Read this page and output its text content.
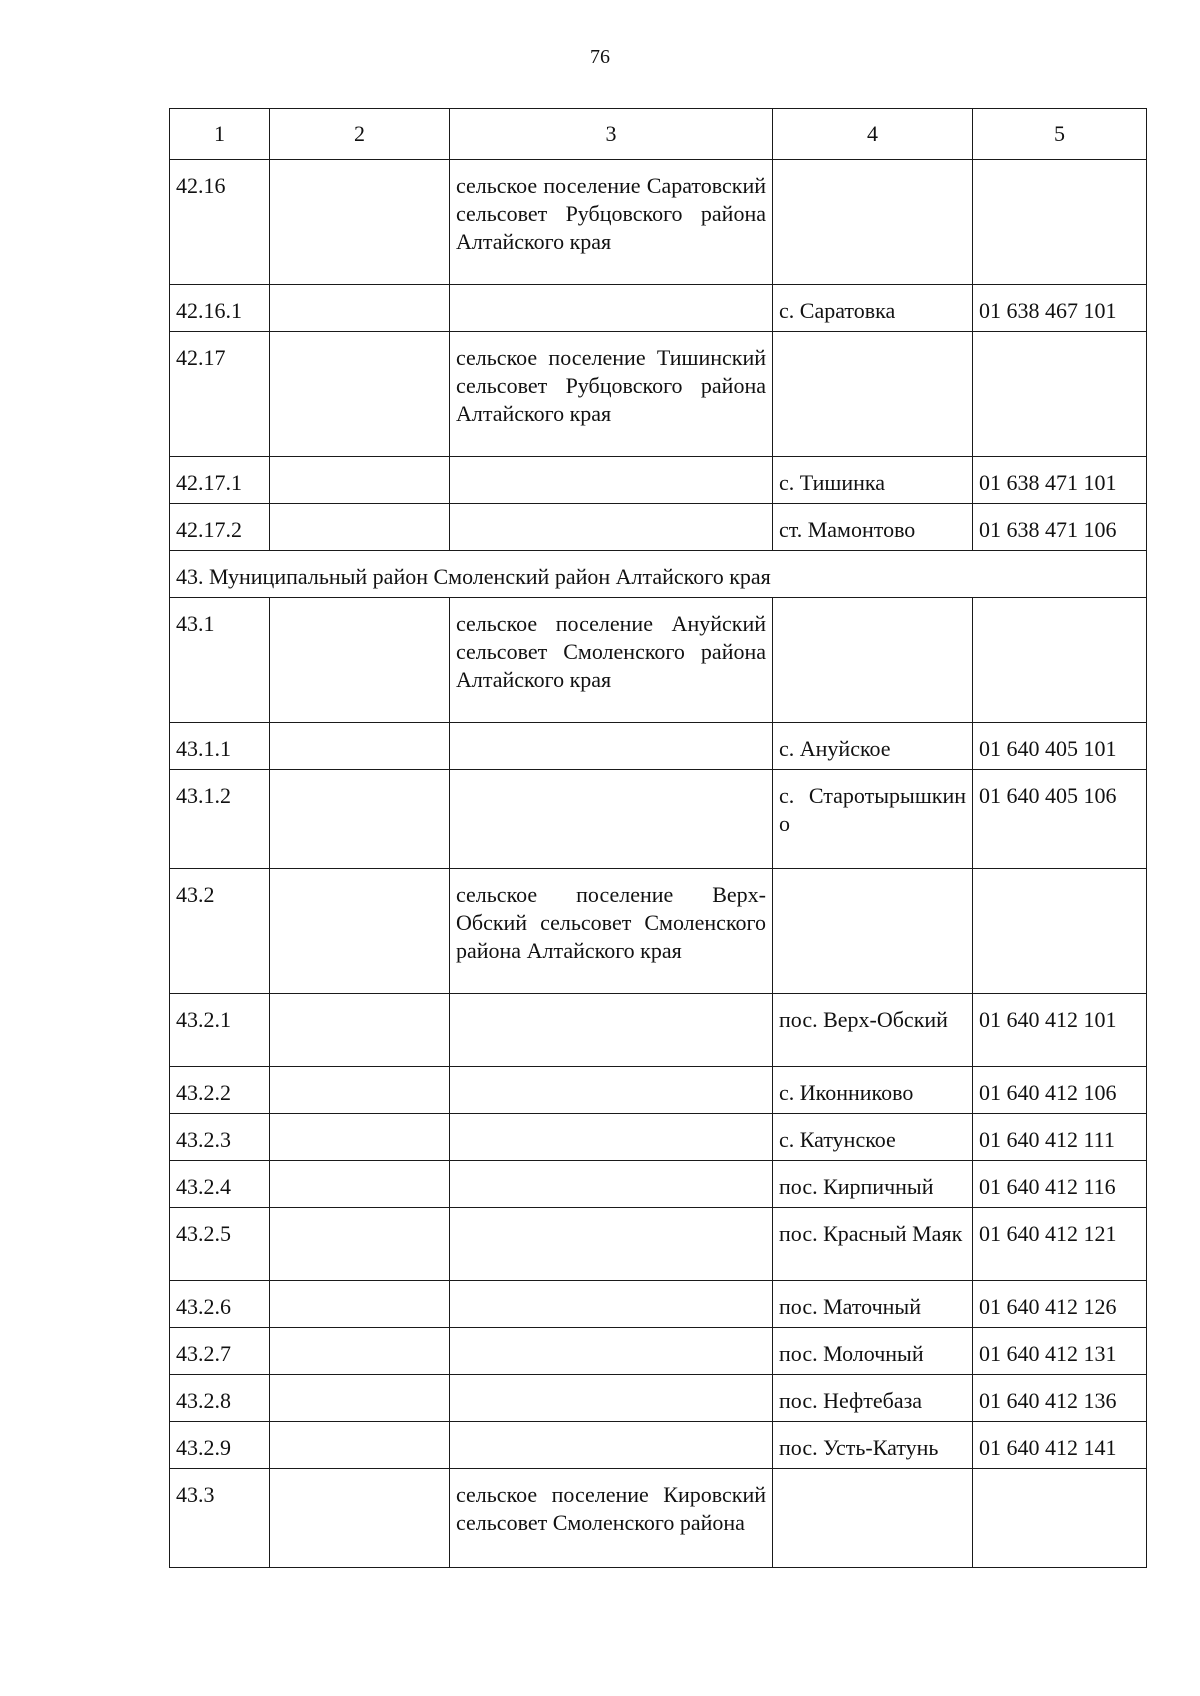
76
1	2	3	4	5
42.16		сельское поселение Саратовский сельсовет Рубцовского района Алтайского края		
42.16.1			с. Саратовка	01 638 467 101
42.17		сельское поселение Тишинский сельсовет Рубцовского района Алтайского края		
42.17.1			с. Тишинка	01 638 471 101
42.17.2			ст. Мамонтово	01 638 471 106
43. Муниципальный район Смоленский район Алтайского края				
43.1		сельское поселение Ануйский сельсовет Смоленского района Алтайского края		
43.1.1			с. Ануйское	01 640 405 101
43.1.2			с. Старотырышкин о	01 640 405 106
43.2		сельское поселение Верх-Обский сельсовет Смоленского района Алтайского края		
43.2.1			пос. Верх-Обский	01 640 412 101
43.2.2			с. Иконниково	01 640 412 106
43.2.3			с. Катунское	01 640 412 111
43.2.4			пос. Кирпичный	01 640 412 116
43.2.5			пос. Красный Маяк	01 640 412 121
43.2.6			пос. Маточный	01 640 412 126
43.2.7			пос. Молочный	01 640 412 131
43.2.8			пос. Нефтебаза	01 640 412 136
43.2.9			пос. Усть-Катунь	01 640 412 141
43.3		сельское поселение Кировский сельсовет Смоленского района		
